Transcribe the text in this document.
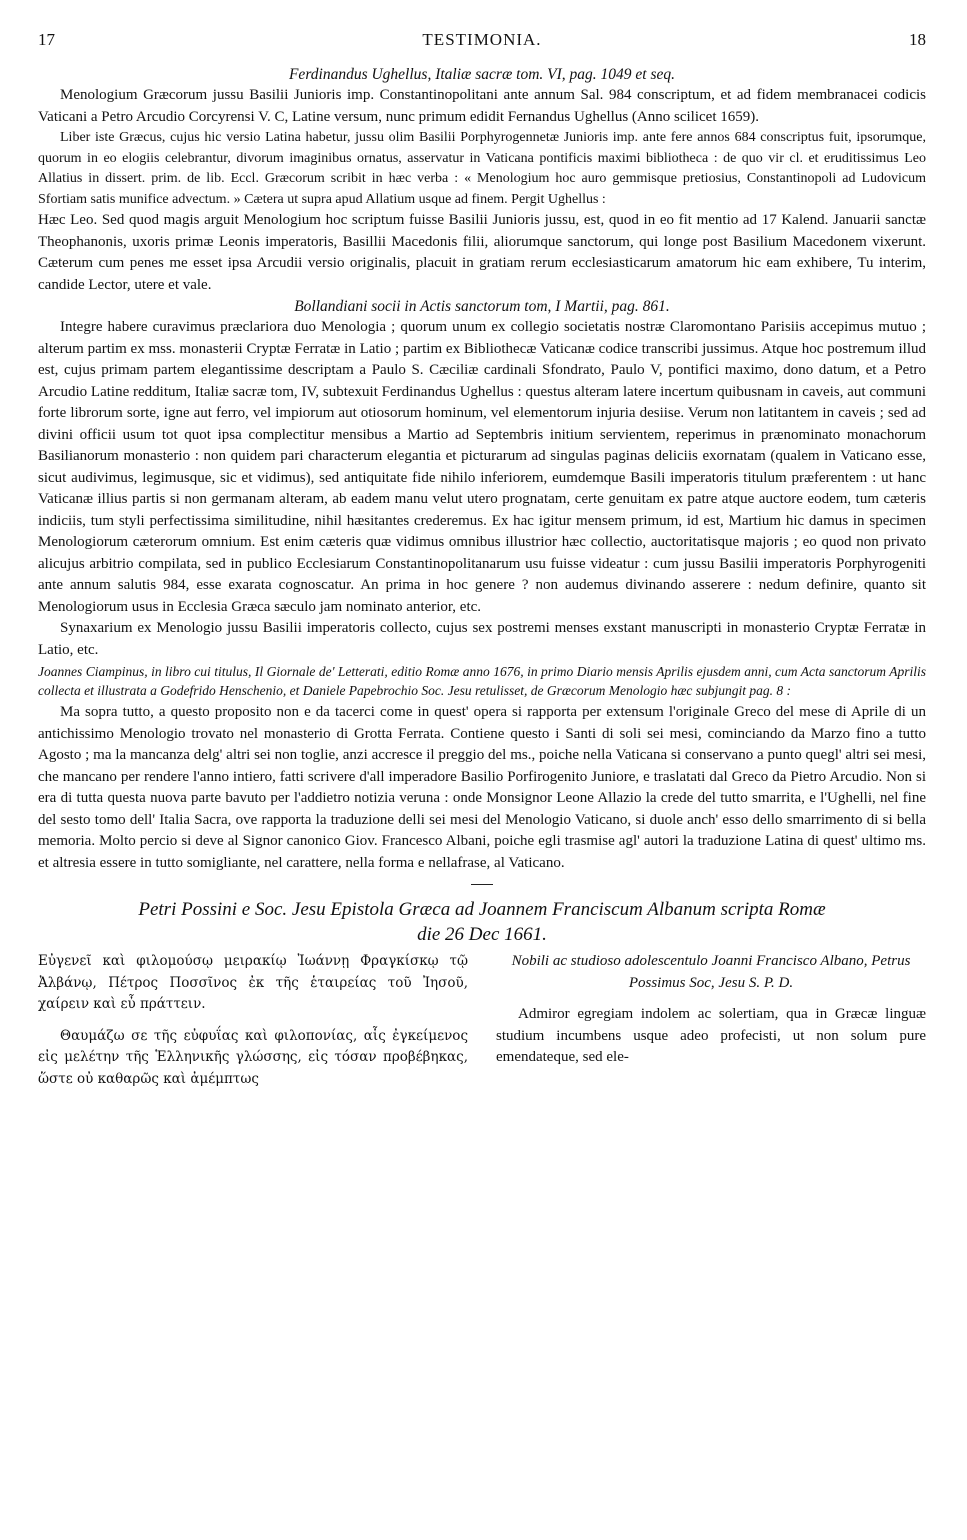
17	TESTIMONIA.	18

Ferdinandus Ughellus, Italiæ sacræ tom. VI, pag. 1049 et seq.

Menologium Græcorum jussu Basilii Junioris imp. Constantinopolitani ante annum Sal. 984 conscriptum, et ad fidem membranacei codicis Vaticani a Petro Arcudio Corcyrensi V. C, Latine versum, nunc primum edidit Fernandus Ughellus (Anno scilicet 1659).

Liber iste Græcus, cujus hic versio Latina habetur, jussu olim Basilii Porphyrogennetæ Junioris imp. ante fere annos 684 conscriptus fuit, ipsorumque, quorum in eo elogiis celebrantur, divorum imaginibus ornatus, asservatur in Vaticana pontificis maximi bibliotheca : de quo vir cl. et eruditissimus Leo Allatius in dissert. prim. de lib. Eccl. Græcorum scribit in hæc verba : « Menologium hoc auro gemmisque pretiosius, Constantinopoli ad Ludovicum Sfortiam satis munifice advectum. » Cætera ut supra apud Allatium usque ad finem. Pergit Ughellus :

Hæc Leo. Sed quod magis arguit Menologium hoc scriptum fuisse Basilii Junioris jussu, est, quod in eo fit mentio ad 17 Kalend. Januarii sanctæ Theophanonis, uxoris primæ Leonis imperatoris, Basillii Macedonis filii, aliorumque sanctorum, qui longe post Basilium Macedonem vixerunt. Cæterum cum penes me esset ipsa Arcudii versio originalis, placuit in gratiam rerum ecclesiasticarum amatorum hic eam exhibere, Tu interim, candide Lector, utere et vale.

Bollandiani socii in Actis sanctorum tom, I Martii, pag. 861.

Integre habere curavimus præclariora duo Menologia ; quorum unum ex collegio societatis nostræ Claromontano Parisiis accepimus mutuo ; alterum partim ex mss. monasterii Cryptæ Ferratæ in Latio ; partim ex Bibliothecæ Vaticanæ codice transcribi jussimus. Atque hoc postremum illud est, cujus primam partem elegantissime descriptam a Paulo S. Cæciliæ cardinali Sfondrato, Paulo V, pontifici maximo, dono datum, et a Petro Arcudio Latine redditum, Italiæ sacræ tom, IV, subtexuit Ferdinandus Ughellus : questus alteram latere incertum quibusnam in caveis, aut communi forte librorum sorte, igne aut ferro, vel impiorum aut otiosorum hominum, vel elementorum injuria desiise. Verum non latitantem in caveis ; sed ad divini officii usum tot quot ipsa complectitur mensibus a Martio ad Septembris initium servientem, reperimus in prænominato monachorum Basilianorum monasterio : non quidem pari characterum elegantia et picturarum ad singulas paginas deliciis exornatam (qualem in Vaticano esse, sicut audivimus, legimusque, sic et vidimus), sed antiquitate fide nihilo inferiorem, eumdemque Basili imperatoris titulum præferentem : ut hanc Vaticanæ illius partis si non germanam alteram, ab eadem manu velut utero prognatam, certe genuitam ex patre atque auctore eodem, tum cæteris indiciis, tum styli perfectissima similitudine, nihil hæsitantes crederemus. Ex hac igitur mensem primum, id est, Martium hic damus in specimen Menologiorum cæterorum omnium. Est enim cæteris quæ vidimus omnibus illustrior hæc collectio, auctoritatisque majoris ; eo quod non privato alicujus arbitrio compilata, sed in publico Ecclesiarum Constantinopolitanarum usu fuisse videatur : cum jussu Basilii imperatoris Porphyrogeniti ante annum salutis 984, esse exarata cognoscatur. An prima in hoc genere ? non audemus divinando asserere : nedum definire, quanto sit Menologiorum usus in Ecclesia Græca sæculo jam nominato anterior, etc.

Synaxarium ex Menologio jussu Basilii imperatoris collecto, cujus sex postremi menses exstant manuscripti in monasterio Cryptæ Ferratæ in Latio, etc.

Joannes Ciampinus, in libro cui titulus, Il Giornale de' Letterati, editio Romæ anno 1676, in primo Diario mensis Aprilis ejusdem anni, cum Acta sanctorum Aprilis collecta et illustrata a Godefrido Henschenio, et Daniele Papebrochio Soc. Jesu retulisset, de Græcorum Menologio hæc subjungit pag. 8 :

Ma sopra tutto, a questo proposito non e da tacerci come in quest' opera si rapporta per extensum l'originale Greco del mese di Aprile di un antichissimo Menologio trovato nel monasterio di Grotta Ferrata. Contiene questo i Santi di soli sei mesi, cominciando da Marzo fino a tutto Agosto ; ma la mancanza delg' altri sei non toglie, anzi accresce il preggio del ms., poiche nella Vaticana si conservano a punto quegl' altri sei mesi, che mancano per rendere l'anno intiero, fatti scrivere d'all imperadore Basilio Porfirogenito Juniore, e traslatati dal Greco da Pietro Arcudio. Non si era di tutta questa nuova parte bavuto per l'addietro notizia veruna : onde Monsignor Leone Allazio la crede del tutto smarrita, e l'Ughelli, nel fine del sesto tomo dell' Italia Sacra, ove rapporta la traduzione delli sei mesi del Menologio Vaticano, si duole anch' esso dello smarrimento di si bella memoria. Molto percio si deve al Signor canonico Giov. Francesco Albani, poiche egli trasmise agl' autori la traduzione Latina di quest' ultimo ms. et altresia essere in tutto somigliante, nel carattere, nella forma e nellafrase, al Vaticano.

Petri Possini e Soc. Jesu Epistola Græca ad Joannem Franciscum Albanum scripta Romæ
die 26 Dec 1661.

Εὐγενεῖ καὶ φιλομούσῳ μειρακίῳ Ἰωάννῃ Φραγκίσκῳ τῷ Ἀλβάνῳ, Πέτρος Ποσσῖνος ἐκ τῆς ἑταιρείας τοῦ Ἰησοῦ, χαίρειν καὶ εὖ πράττειν.

Θαυμάζω σε τῆς εὐφυΐας καὶ φιλοπονίας, αἷς ἐγκείμενος εἰς μελέτην τῆς Ἑλληνικῆς γλώσσης, εἰς τόσαν προβέβηκας, ὥστε οὐ καθαρῶς καὶ ἀμέμπτως

Nobili ac studioso adolescentulo Joanni Francisco Albano, Petrus Possimus Soc, Jesu S. P. D.

Admiror egregiam indolem ac solertiam, qua in Græcæ linguæ studium incumbens usque adeo profecisti, ut non solum pure emendateque, sed ele-
